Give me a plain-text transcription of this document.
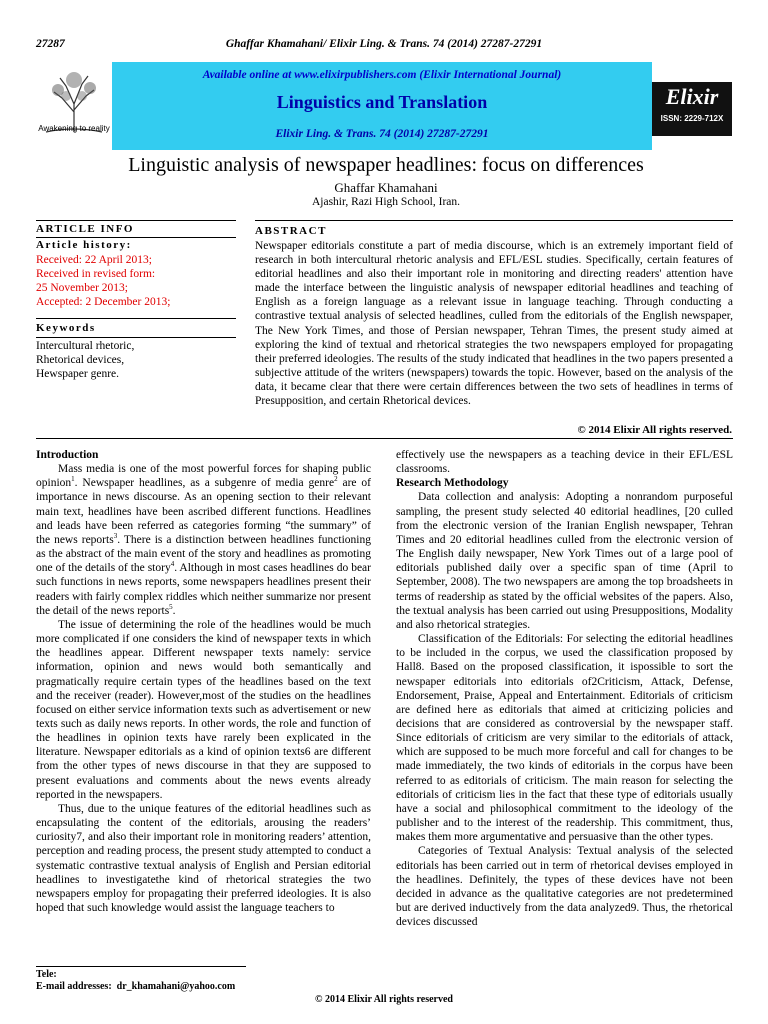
27287	Ghaffar Khamahani/ Elixir Ling. & Trans. 74 (2014) 27287-27291
Awakening to reality
Elixir
ISSN: 2229-712X
Available online at www.elixirpublishers.com (Elixir International Journal)
Linguistics and Translation
Elixir Ling. & Trans. 74 (2014) 27287-27291
Linguistic analysis of newspaper headlines: focus on differences
Ghaffar Khamahani
Ajashir, Razi High School, Iran.
ARTICLE INFO
Article history:
Received: 22 April 2013;
Received in revised form:
25 November 2013;
Accepted: 2 December 2013;
Keywords
Intercultural rhetoric,
Rhetorical devices,
Hewspaper genre.
ABSTRACT
Newspaper editorials constitute a part of media discourse, which is an extremely important field of research in both intercultural rhetoric analysis and EFL/ESL studies. Specifically, certain features of editorial headlines and also their important role in monitoring and directing readers' attention have made the interface between the linguistic analysis of newspaper editorial headlines and teaching of English as a foreign language as a relevant issue in language teaching. Through conducting a contrastive textual analysis of selected headlines, culled from the editorials of the English newspaper, The New York Times, and those of Persian newspaper, Tehran Times, the present study aimed at exploring the kind of textual and rhetorical strategies the two newspapers employed for propagating their preferred ideologies. The results of the study indicated that headlines in the two papers presented a subjective attitude of the writers (newspapers) towards the topic. However, based on the analysis of the data, it became clear that there were certain differences between the two sets of headlines in terms of Presupposition, and certain Rhetorical devices.
© 2014 Elixir All rights reserved.
Introduction

Mass media is one of the most powerful forces for shaping public opinion$^1$. Newspaper headlines, as a subgenre of media genre$^2$ are of importance in news discourse. As an opening section to their relevant main text, headlines have been ascribed different functions. Headlines and leads have been referred as categories forming “the summary” of the news reports$^3$. There is a distinction between headlines functioning as the abstract of the main event of the story and headlines as promoting one of the details of the story$^4$. Although in most cases headlines do bear such functions in news reports, some newspapers headlines present their readers with fairly complex riddles which neither summarize nor present the detail of the news reports$^5$.

The issue of determining the role of the headlines would be much more complicated if one considers the kind of newspaper texts in which the headlines appear. Different newspaper texts namely: service information, opinion and news would both semantically and pragmatically require certain types of the headlines based on the text and the receiver (reader). However,most of the studies on the headlines focused on either service information texts such as advertisement or new texts such as daily news reports. In other words, the role and function of the headlines in opinion texts have rarely been explicated in the literature. Newspaper editorials as a kind of opinion texts6 are different from the other types of news discourse in that they are supposed to present evaluations and comments about the news events already reported in the newspapers.

Thus, due to the unique features of the editorial headlines such as encapsulating the content of the editorials, arousing the readers’ curiosity7, and also their important role in monitoring readers’ attention, perception and reading process, the present study attempted to conduct a systematic contrastive textual analysis of English and Persian editorial headlines to investigatethe kind of rhetorical strategies the two newspapers employ for propagating their preferred ideologies. It is also hoped that such knowledge would assist the language teachers to

effectively use the newspapers as a teaching device in their EFL/ESL classrooms.

Research Methodology

Data collection and analysis: Adopting a nonrandom purposeful sampling, the present study selected 40 editorial headlines, [20 culled from the electronic version of the Iranian English newspaper, Tehran Times and 20 editorial headlines culled from the electronic version of The English daily newspaper, New York Times out of a large pool of editorials published daily over a specific span of time (April to September, 2008). The two newspapers are among the top broadsheets in terms of readership as stated by the official websites of the papers. Also, the textual analysis has been carried out using Presuppositions, Modality and also rhetorical strategies.

Classification of the Editorials: For selecting the editorial headlines to be included in the corpus, we used the classification proposed by Hall8. Based on the proposed classification, it ispossible to sort the newspaper editorials into editorials of2Criticism, Attack, Defense, Endorsement, Praise, Appeal and Entertainment. Editorials of criticism are defined here as editorials that aimed at criticizing policies and decisions that are considered as controversial by the newspaper staff. Since editorials of criticism are very similar to the editorials of attack, which are supposed to be much more forceful and call for changes to be made immediately, the two kinds of editorials in the corpus have been referred to as editorials of criticism. The main reason for selecting the editorials of criticism lies in the fact that these type of editorials usually have a social and philosophical commitment to the ideology of the publisher and to the interest of the readership. This commitment, thus, makes them more argumentative and persuasive than the other types.

Categories of Textual Analysis: Textual analysis of the selected editorials has been carried out in term of rhetorical devises employed in the headlines. Definitely, the types of these devices have not been decided in advance as the qualitative categories are not predetermined but are derived inductively from the data analyzed9. Thus, the rhetorical devices discussed

Tele:
E-mail addresses: dr_khamahani@yahoo.com
© 2014 Elixir All rights reserved
